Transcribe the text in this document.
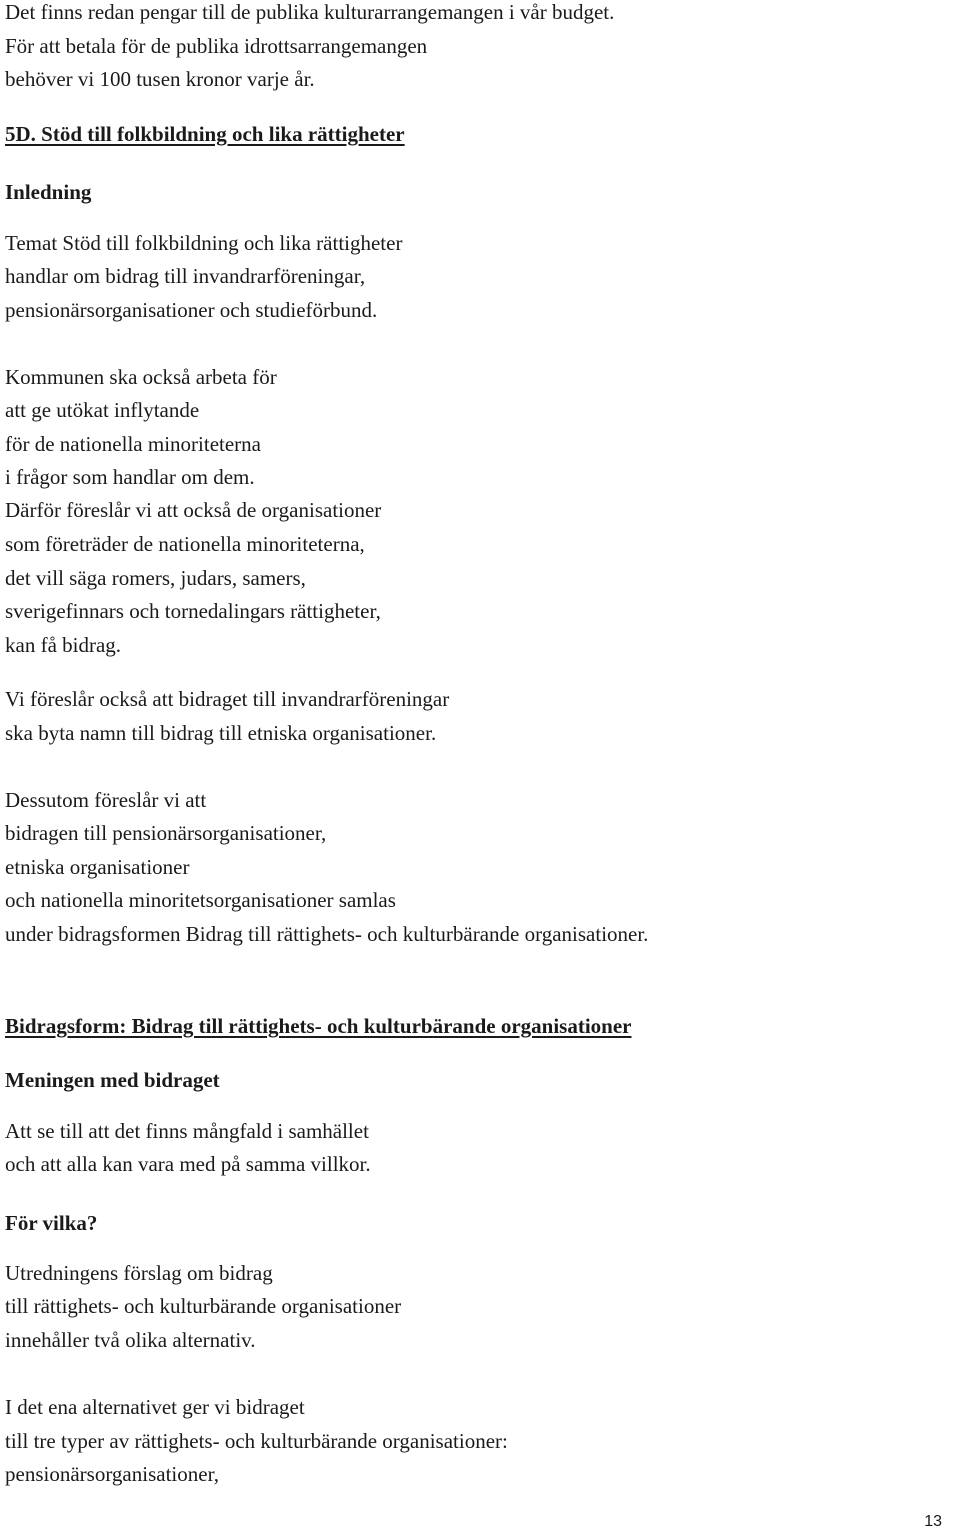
Det finns redan pengar till de publika kulturarrangemangen i vår budget.
För att betala för de publika idrottsarrangemangen
behöver vi 100 tusen kronor varje år.
5D. Stöd till folkbildning och lika rättigheter
Inledning
Temat Stöd till folkbildning och lika rättigheter
handlar om bidrag till invandrarföreningar,
pensionärsorganisationer och studieförbund.
Kommunen ska också arbeta för
att ge utökat inflytande
för de nationella minoriteterna
i frågor som handlar om dem.
Därför föreslår vi att också de organisationer
som företräder de nationella minoriteterna,
det vill säga romers, judars, samers,
sverigefinnars och tornedalingars rättigheter,
kan få bidrag.
Vi föreslår också att bidraget till invandrarföreningar
ska byta namn till bidrag till etniska organisationer.
Dessutom föreslår vi att
bidragen till pensionärsorganisationer,
etniska organisationer
och nationella minoritetsorganisationer samlas
under bidragsformen Bidrag till rättighets- och kulturbärande organisationer.
Bidragsform: Bidrag till rättighets- och kulturbärande organisationer
Meningen med bidraget
Att se till att det finns mångfald i samhället
och att alla kan vara med på samma villkor.
För vilka?
Utredningens förslag om bidrag
till rättighets- och kulturbärande organisationer
innehåller två olika alternativ.
I det ena alternativet ger vi bidraget
till tre typer av rättighets- och kulturbärande organisationer:
pensionärsorganisationer,
13
